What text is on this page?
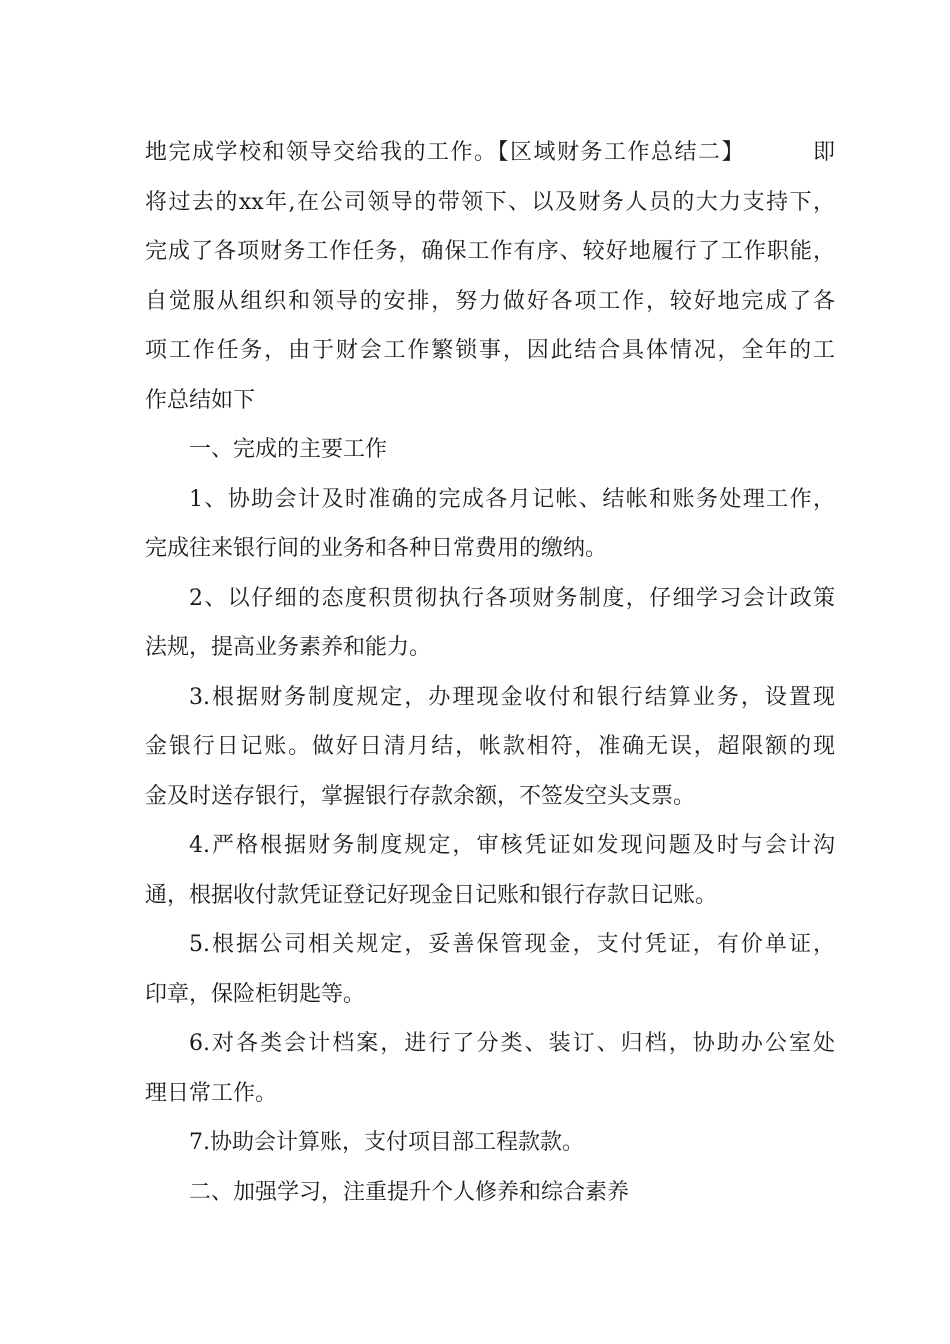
地完成学校和领导交给我的工作。【区域财务工作总结二】        即
将过去的xx年,在公司领导的带领下、以及财务人员的大力支持下，
完成了各项财务工作任务，确保工作有序、较好地履行了工作职能，
自觉服从组织和领导的安排，努力做好各项工作，较好地完成了各
项工作任务，由于财会工作繁锁事，因此结合具体情况，全年的工
作总结如下
一、完成的主要工作
1、协助会计及时准确的完成各月记帐、结帐和账务处理工作，
完成往来银行间的业务和各种日常费用的缴纳。
2、以仔细的态度积贯彻执行各项财务制度，仔细学习会计政策
法规，提高业务素养和能力。
3.根据财务制度规定，办理现金收付和银行结算业务，设置现
金银行日记账。做好日清月结，帐款相符，准确无误，超限额的现
金及时送存银行，掌握银行存款余额，不签发空头支票。
4.严格根据财务制度规定，审核凭证如发现问题及时与会计沟
通，根据收付款凭证登记好现金日记账和银行存款日记账。
5.根据公司相关规定，妥善保管现金，支付凭证，有价单证，
印章，保险柜钥匙等。
6.对各类会计档案，进行了分类、装订、归档，协助办公室处
理日常工作。
7.协助会计算账，支付项目部工程款款。
二、加强学习，注重提升个人修养和综合素养
